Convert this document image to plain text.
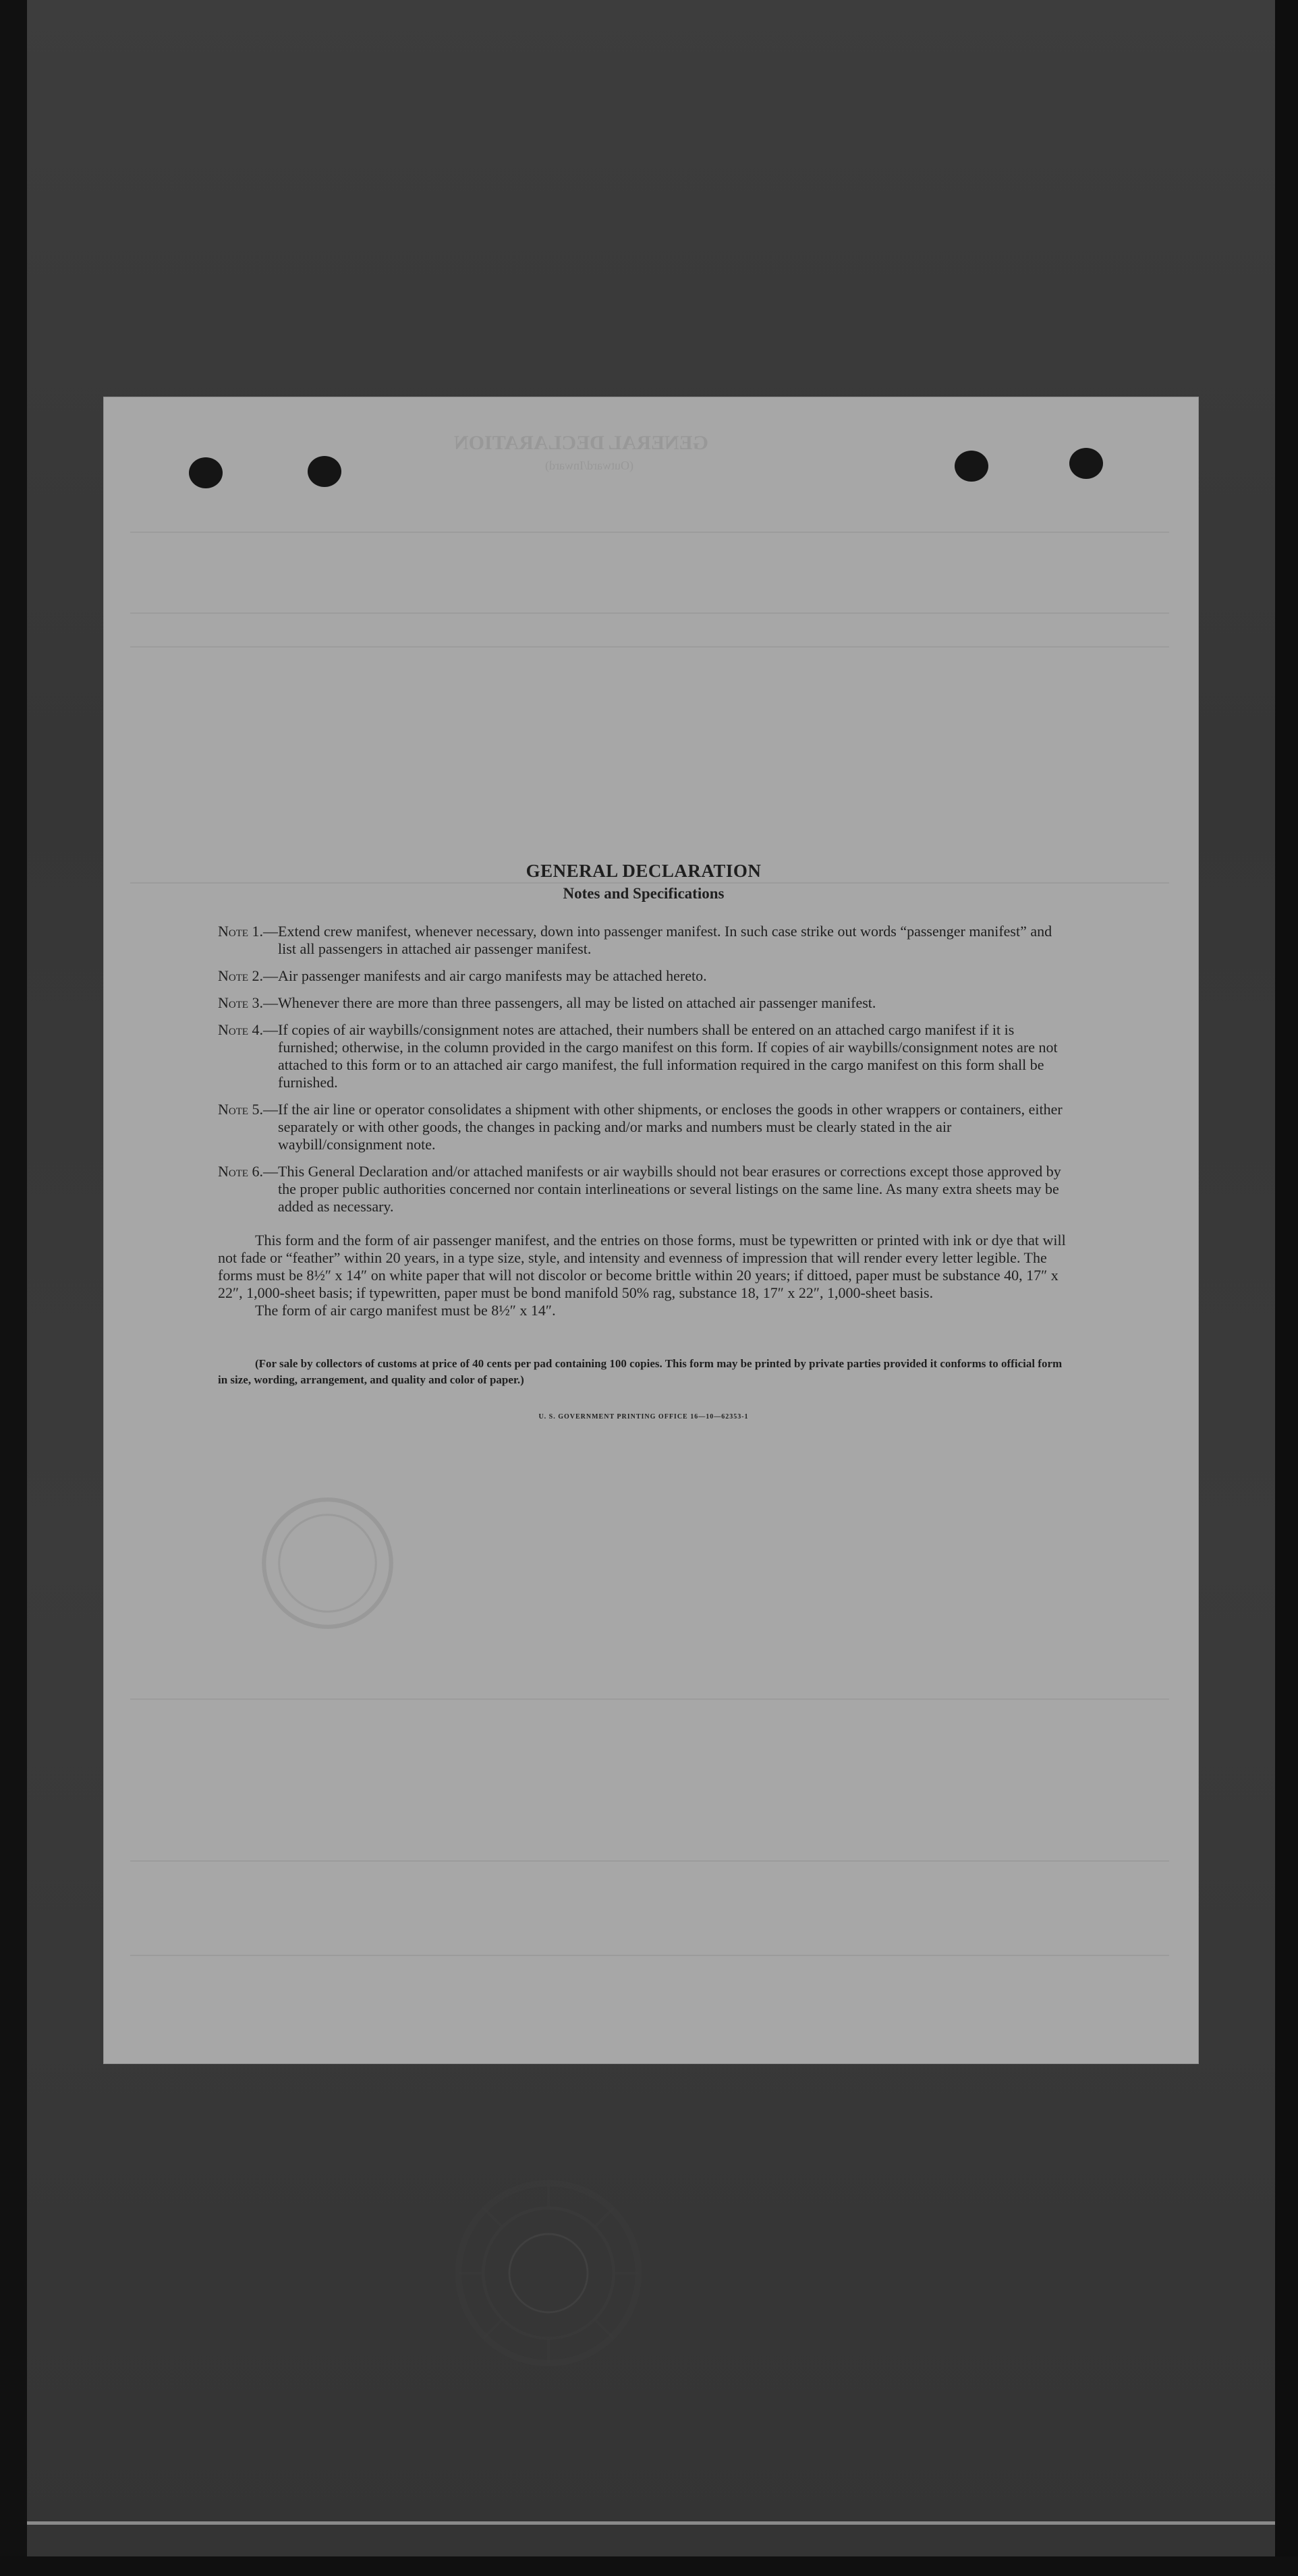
GENERAL DECLARATION
(Outward/Inward)
GENERAL DECLARATION
Notes and Specifications
Note 1.— Extend crew manifest, whenever necessary, down into passenger manifest. In such case strike out words “passenger manifest” and list all passengers in attached air passenger manifest.
Note 2.— Air passenger manifests and air cargo manifests may be attached hereto.
Note 3.— Whenever there are more than three passengers, all may be listed on attached air passenger manifest.
Note 4.— If copies of air waybills/consignment notes are attached, their numbers shall be entered on an attached cargo manifest if it is furnished; otherwise, in the column provided in the cargo manifest on this form. If copies of air waybills/consignment notes are not attached to this form or to an attached air cargo manifest, the full information required in the cargo manifest on this form shall be furnished.
Note 5.— If the air line or operator consolidates a shipment with other shipments, or encloses the goods in other wrappers or containers, either separately or with other goods, the changes in packing and/or marks and numbers must be clearly stated in the air waybill/consignment note.
Note 6.— This General Declaration and/or attached manifests or air waybills should not bear erasures or corrections except those approved by the proper public authorities concerned nor contain interlineations or several listings on the same line. As many extra sheets may be added as necessary.
This form and the form of air passenger manifest, and the entries on those forms, must be typewritten or printed with ink or dye that will not fade or “feather” within 20 years, in a type size, style, and intensity and evenness of impression that will render every letter legible. The forms must be 8½″ x 14″ on white paper that will not discolor or become brittle within 20 years; if dittoed, paper must be substance 40, 17″ x 22″, 1,000-sheet basis; if typewritten, paper must be bond manifold 50% rag, substance 18, 17″ x 22″, 1,000-sheet basis.
The form of air cargo manifest must be 8½″ x 14″.
(For sale by collectors of customs at price of 40 cents per pad containing 100 copies. This form may be printed by private parties provided it conforms to official form in size, wording, arrangement, and quality and color of paper.)
U. S. GOVERNMENT PRINTING OFFICE 16—10—62353-1
